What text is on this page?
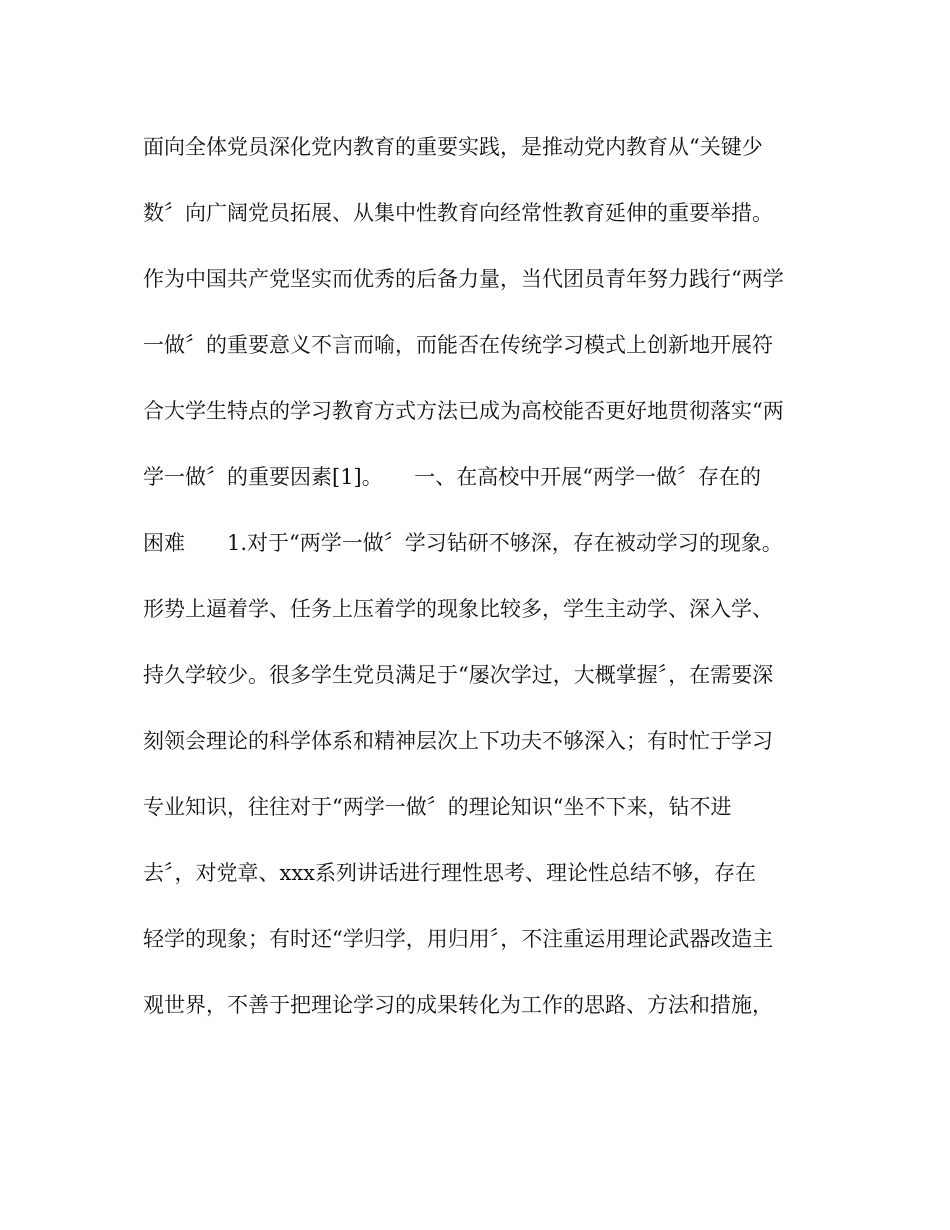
面向全体党员深化党内教育的重要实践，是推动党内教育从“关键少
数〞向广阔党员拓展、从集中性教育向经常性教育延伸的重要举措。
作为中国共产党坚实而优秀的后备力量，当代团员青年努力践行“两学
一做〞的重要意义不言而喻，而能否在传统学习模式上创新地开展符
合大学生特点的学习教育方式方法已成为高校能否更好地贯彻落实“两
学一做〞的重要因素[1]。　　一、在高校中开展“两学一做〞存在的
困难　　1.对于“两学一做〞学习钻研不够深，存在被动学习的现象。
形势上逼着学、任务上压着学的现象比较多，学生主动学、深入学、
持久学较少。很多学生党员满足于“屡次学过，大概掌握〞，在需要深
刻领会理论的科学体系和精神层次上下功夫不够深入；有时忙于学习
专业知识，往往对于“两学一做〞的理论知识“坐不下来，钻不进
去〞，对党章、xxx系列讲话进行理性思考、理论性总结不够，存在
轻学的现象；有时还“学归学，用归用〞，不注重运用理论武器改造主
观世界，不善于把理论学习的成果转化为工作的思路、方法和措施，
